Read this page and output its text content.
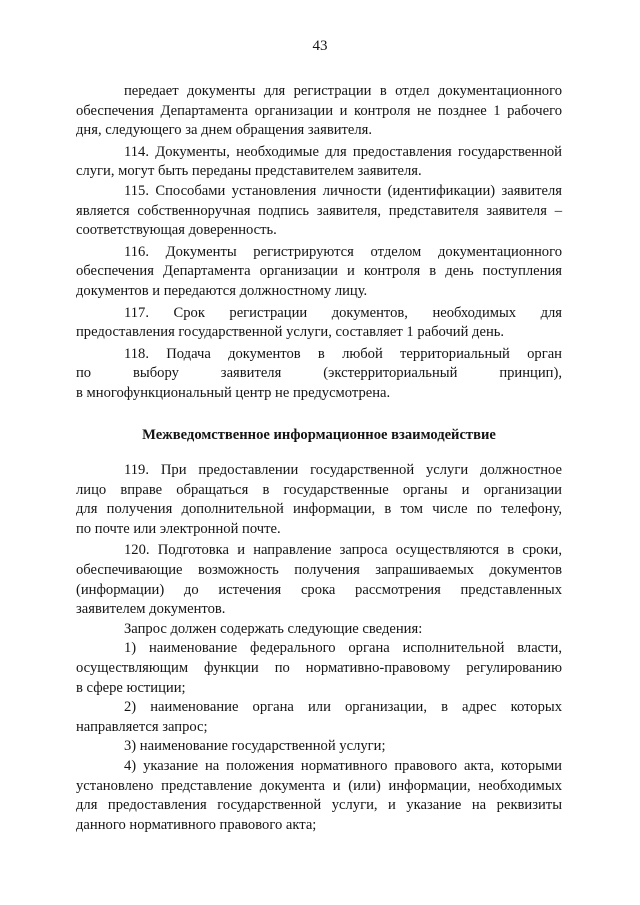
43
передает документы для регистрации в отдел документационного
обеспечения Департамента организации и контроля не позднее 1 рабочего
дня, следующего за днем обращения заявителя.
114. Документы, необходимые для предоставления государственной
слуги, могут быть переданы представителем заявителя.
115. Способами установления личности (идентификации) заявителя
является собственноручная подпись заявителя, представителя заявителя –
соответствующая доверенность.
116. Документы регистрируются отделом документационного
обеспечения Департамента организации и контроля в день поступления
документов и передаются должностному лицу.
117. Срок регистрации документов, необходимых для
предоставления государственной услуги, составляет 1 рабочий день.
118. Подача документов в любой территориальный орган
по выбору заявителя (экстерриториальный принцип),
в многофункциональный центр не предусмотрена.
Межведомственное информационное взаимодействие
119. При предоставлении государственной услуги должностное
лицо вправе обращаться в государственные органы и организации
для получения дополнительной информации, в том числе по телефону,
по почте или электронной почте.
120. Подготовка и направление запроса осуществляются в сроки,
обеспечивающие возможность получения запрашиваемых документов
(информации) до истечения срока рассмотрения представленных
заявителем документов.
Запрос должен содержать следующие сведения:
1) наименование федерального органа исполнительной власти,
осуществляющим функции по нормативно-правовому регулированию
в сфере юстиции;
2) наименование органа или организации, в адрес которых
направляется запрос;
3) наименование государственной услуги;
4) указание на положения нормативного правового акта, которыми
установлено представление документа и (или) информации, необходимых
для предоставления государственной услуги, и указание на реквизиты
данного нормативного правового акта;
